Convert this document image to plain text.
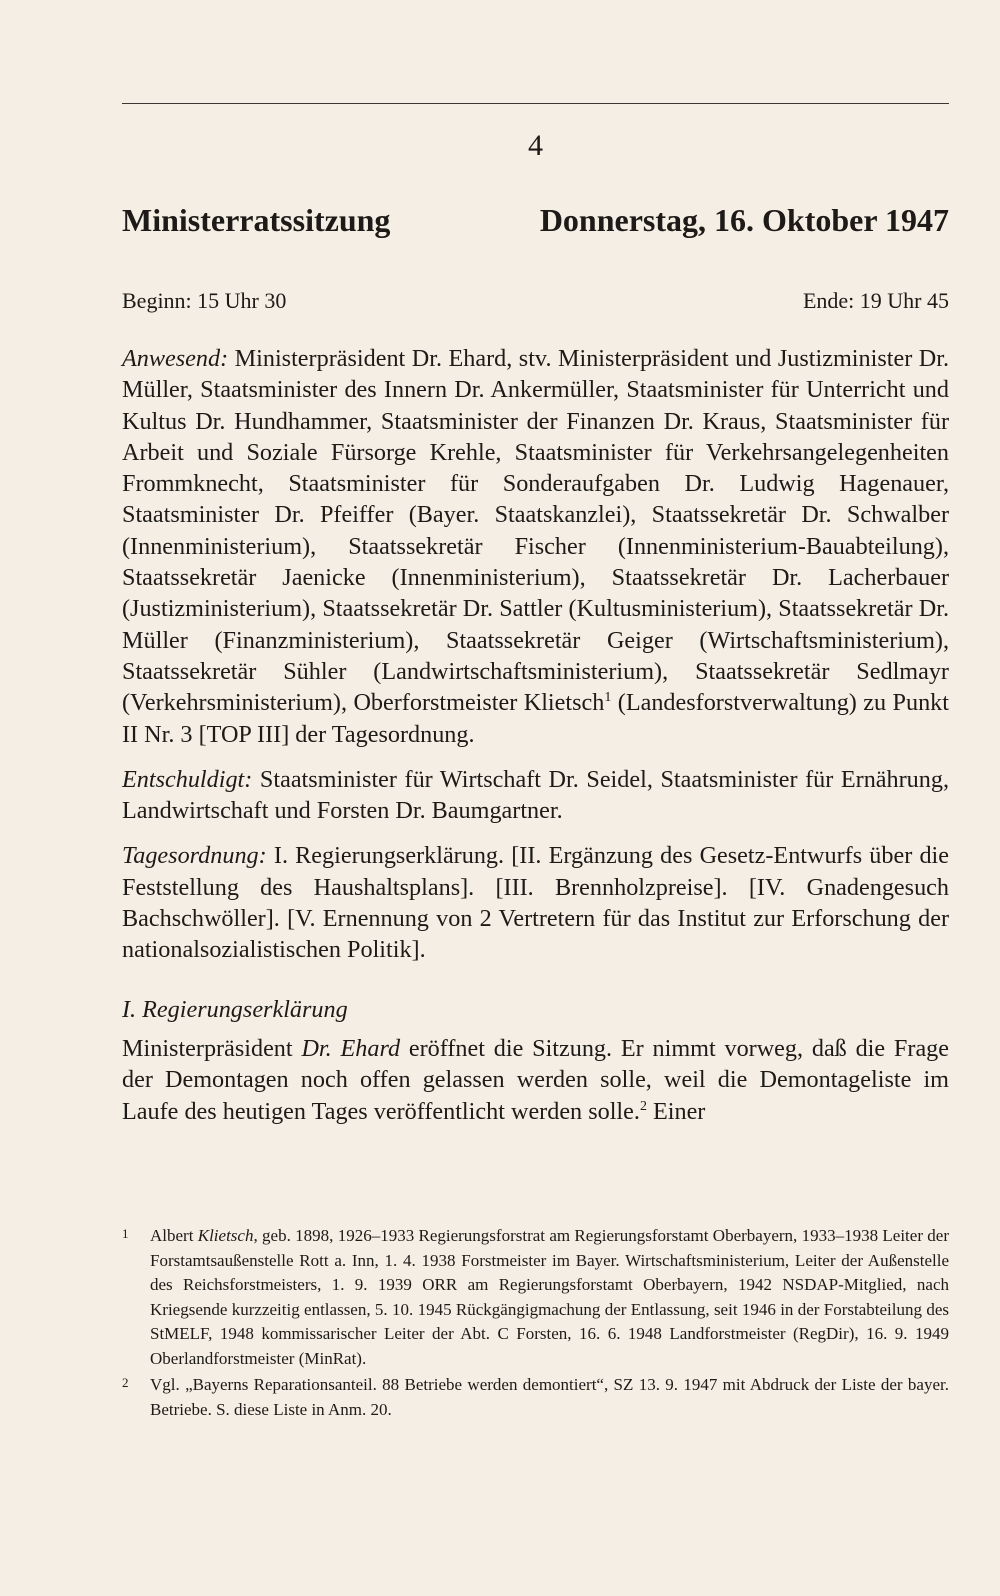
4
Ministerratssitzung	Donnerstag, 16. Oktober 1947
Beginn: 15 Uhr 30	Ende: 19 Uhr 45

Anwesend: Ministerpräsident Dr. Ehard, stv. Ministerpräsident und Justizminister Dr. Müller, Staatsminister des Innern Dr. Ankermüller, Staatsminister für Unterricht und Kultus Dr. Hundhammer, Staatsminister der Finanzen Dr. Kraus, Staatsminister für Arbeit und Soziale Fürsorge Krehle, Staatsminister für Verkehrsangelegenheiten Frommknecht, Staatsminister für Sonderaufgaben Dr. Ludwig Hagenauer, Staatsminister Dr. Pfeiffer (Bayer. Staatskanzlei), Staatssekretär Dr. Schwalber (Innenministerium), Staatssekretär Fischer (Innenministerium-Bauabteilung), Staatssekretär Jaenicke (Innenministerium), Staatssekretär Dr. Lacherbauer (Justizministerium), Staatssekretär Dr. Sattler (Kultusministerium), Staatssekretär Dr. Müller (Finanzministerium), Staatssekretär Geiger (Wirtschaftsministerium), Staatssekretär Sühler (Landwirtschaftsministerium), Staatssekretär Sedlmayr (Verkehrsministerium), Oberforstmeister Klietsch$^1$ (Landesforstverwaltung) zu Punkt II Nr. 3 [TOP III] der Tagesordnung.

Entschuldigt: Staatsminister für Wirtschaft Dr. Seidel, Staatsminister für Ernährung, Landwirtschaft und Forsten Dr. Baumgartner.

Tagesordnung: I. Regierungserklärung. [II. Ergänzung des Gesetz-Entwurfs über die Feststellung des Haushaltsplans]. [III. Brennholzpreise]. [IV. Gnadengesuch Bachschwöller]. [V. Ernennung von 2 Vertretern für das Institut zur Erforschung der nationalsozialistischen Politik].

I. Regierungserklärung

Ministerpräsident Dr. Ehard eröffnet die Sitzung. Er nimmt vorweg, daß die Frage der Demontagen noch offen gelassen werden solle, weil die Demontageliste im Laufe des heutigen Tages veröffentlicht werden solle.$^2$ Einer

1 Albert Klietsch, geb. 1898, 1926–1933 Regierungsforstrat am Regierungsforstamt Oberbayern, 1933–1938 Leiter der Forstamtsaußenstelle Rott a. Inn, 1. 4. 1938 Forstmeister im Bayer. Wirtschaftsministerium, Leiter der Außenstelle des Reichsforstmeisters, 1. 9. 1939 ORR am Regierungsforstamt Oberbayern, 1942 NSDAP-Mitglied, nach Kriegsende kurzzeitig entlassen, 5. 10. 1945 Rückgängigmachung der Entlassung, seit 1946 in der Forstabteilung des StMELF, 1948 kommissarischer Leiter der Abt. C Forsten, 16. 6. 1948 Landforstmeister (RegDir), 16. 9. 1949 Oberlandforstmeister (MinRat).

2 Vgl. „Bayerns Reparationsanteil. 88 Betriebe werden demontiert“, SZ 13. 9. 1947 mit Abdruck der Liste der bayer. Betriebe. S. diese Liste in Anm. 20.
